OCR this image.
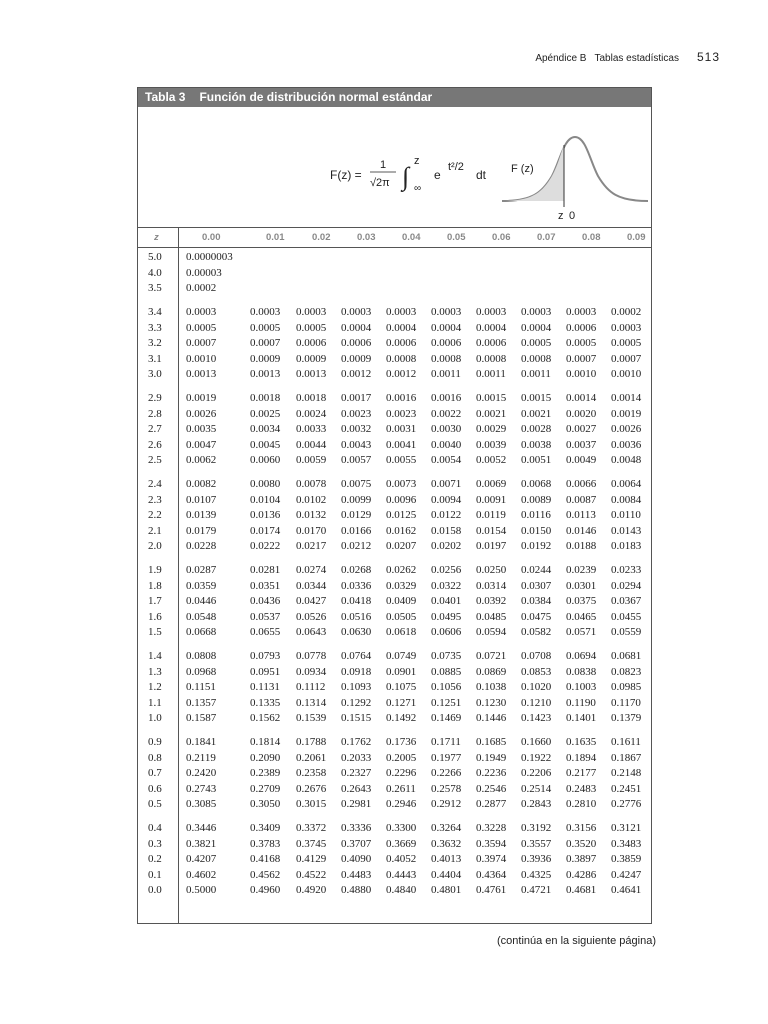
Apéndice B Tablas estadísticas 513
Tabla 3 Función de distribución normal estándar
F(z) =
1
√2π ∫
z
∞
e
t²/2
dt F (z)
z 0
z	0.00	0.01	0.02	0.03	0.04	0.05	0.06	0.07	0.08	0.09
5.0 0.0000003
4.0 0.00003
3.5 0.0002
3.4 0.0003	0.0003 0.0003 0.0003 0.0003 0.0003 0.0003 0.0003 0.0003 0.0002
3.3 0.0005	0.0005 0.0005 0.0004 0.0004 0.0004 0.0004 0.0004 0.0006 0.0003
3.2 0.0007	0.0007 0.0006 0.0006 0.0006 0.0006 0.0006 0.0005 0.0005 0.0005
3.1 0.0010	0.0009 0.0009 0.0009 0.0008 0.0008 0.0008 0.0008 0.0007 0.0007
3.0 0.0013	0.0013 0.0013 0.0012 0.0012 0.0011 0.0011 0.0011 0.0010 0.0010
2.9 0.0019	0.0018 0.0018 0.0017 0.0016 0.0016 0.0015 0.0015 0.0014 0.0014
2.8 0.0026	0.0025 0.0024 0.0023 0.0023 0.0022 0.0021 0.0021 0.0020 0.0019
2.7 0.0035	0.0034 0.0033 0.0032 0.0031 0.0030 0.0029 0.0028 0.0027 0.0026
2.6 0.0047	0.0045 0.0044 0.0043 0.0041 0.0040 0.0039 0.0038 0.0037 0.0036
2.5 0.0062	0.0060 0.0059 0.0057 0.0055 0.0054 0.0052 0.0051 0.0049 0.0048
2.4 0.0082	0.0080 0.0078 0.0075 0.0073 0.0071 0.0069 0.0068 0.0066 0.0064
2.3 0.0107	0.0104 0.0102 0.0099 0.0096 0.0094 0.0091 0.0089 0.0087 0.0084
2.2 0.0139	0.0136 0.0132 0.0129 0.0125 0.0122 0.0119 0.0116 0.0113 0.0110
2.1 0.0179	0.0174 0.0170 0.0166 0.0162 0.0158 0.0154 0.0150 0.0146 0.0143
2.0 0.0228	0.0222 0.0217 0.0212 0.0207 0.0202 0.0197 0.0192 0.0188 0.0183
1.9 0.0287	0.0281 0.0274 0.0268 0.0262 0.0256 0.0250 0.0244 0.0239 0.0233
1.8 0.0359	0.0351 0.0344 0.0336 0.0329 0.0322 0.0314 0.0307 0.0301 0.0294
1.7 0.0446	0.0436 0.0427 0.0418 0.0409 0.0401 0.0392 0.0384 0.0375 0.0367
1.6 0.0548	0.0537 0.0526 0.0516 0.0505 0.0495 0.0485 0.0475 0.0465 0.0455
1.5 0.0668	0.0655 0.0643 0.0630 0.0618 0.0606 0.0594 0.0582 0.0571 0.0559
1.4 0.0808	0.0793 0.0778 0.0764 0.0749 0.0735 0.0721 0.0708 0.0694 0.0681
1.3 0.0968	0.0951 0.0934 0.0918 0.0901 0.0885 0.0869 0.0853 0.0838 0.0823
1.2 0.1151	0.1131 0.1112 0.1093 0.1075 0.1056 0.1038 0.1020 0.1003 0.0985
1.1 0.1357	0.1335 0.1314 0.1292 0.1271 0.1251 0.1230 0.1210 0.1190 0.1170
1.0 0.1587	0.1562 0.1539 0.1515 0.1492 0.1469 0.1446 0.1423 0.1401 0.1379
0.9 0.1841	0.1814 0.1788 0.1762 0.1736 0.1711 0.1685 0.1660 0.1635 0.1611
0.8 0.2119	0.2090 0.2061 0.2033 0.2005 0.1977 0.1949 0.1922 0.1894 0.1867
0.7 0.2420	0.2389 0.2358 0.2327 0.2296 0.2266 0.2236 0.2206 0.2177 0.2148
0.6 0.2743	0.2709 0.2676 0.2643 0.2611 0.2578 0.2546 0.2514 0.2483 0.2451
0.5 0.3085	0.3050 0.3015 0.2981 0.2946 0.2912 0.2877 0.2843 0.2810 0.2776
0.4 0.3446	0.3409 0.3372 0.3336 0.3300 0.3264 0.3228 0.3192 0.3156 0.3121
0.3 0.3821	0.3783 0.3745 0.3707 0.3669 0.3632 0.3594 0.3557 0.3520 0.3483
0.2 0.4207	0.4168 0.4129 0.4090 0.4052 0.4013 0.3974 0.3936 0.3897 0.3859
0.1 0.4602	0.4562 0.4522 0.4483 0.4443 0.4404 0.4364 0.4325 0.4286 0.4247
0.0 0.5000	0.4960 0.4920 0.4880 0.4840 0.4801 0.4761 0.4721 0.4681 0.4641
(continúa en la siguiente página)
